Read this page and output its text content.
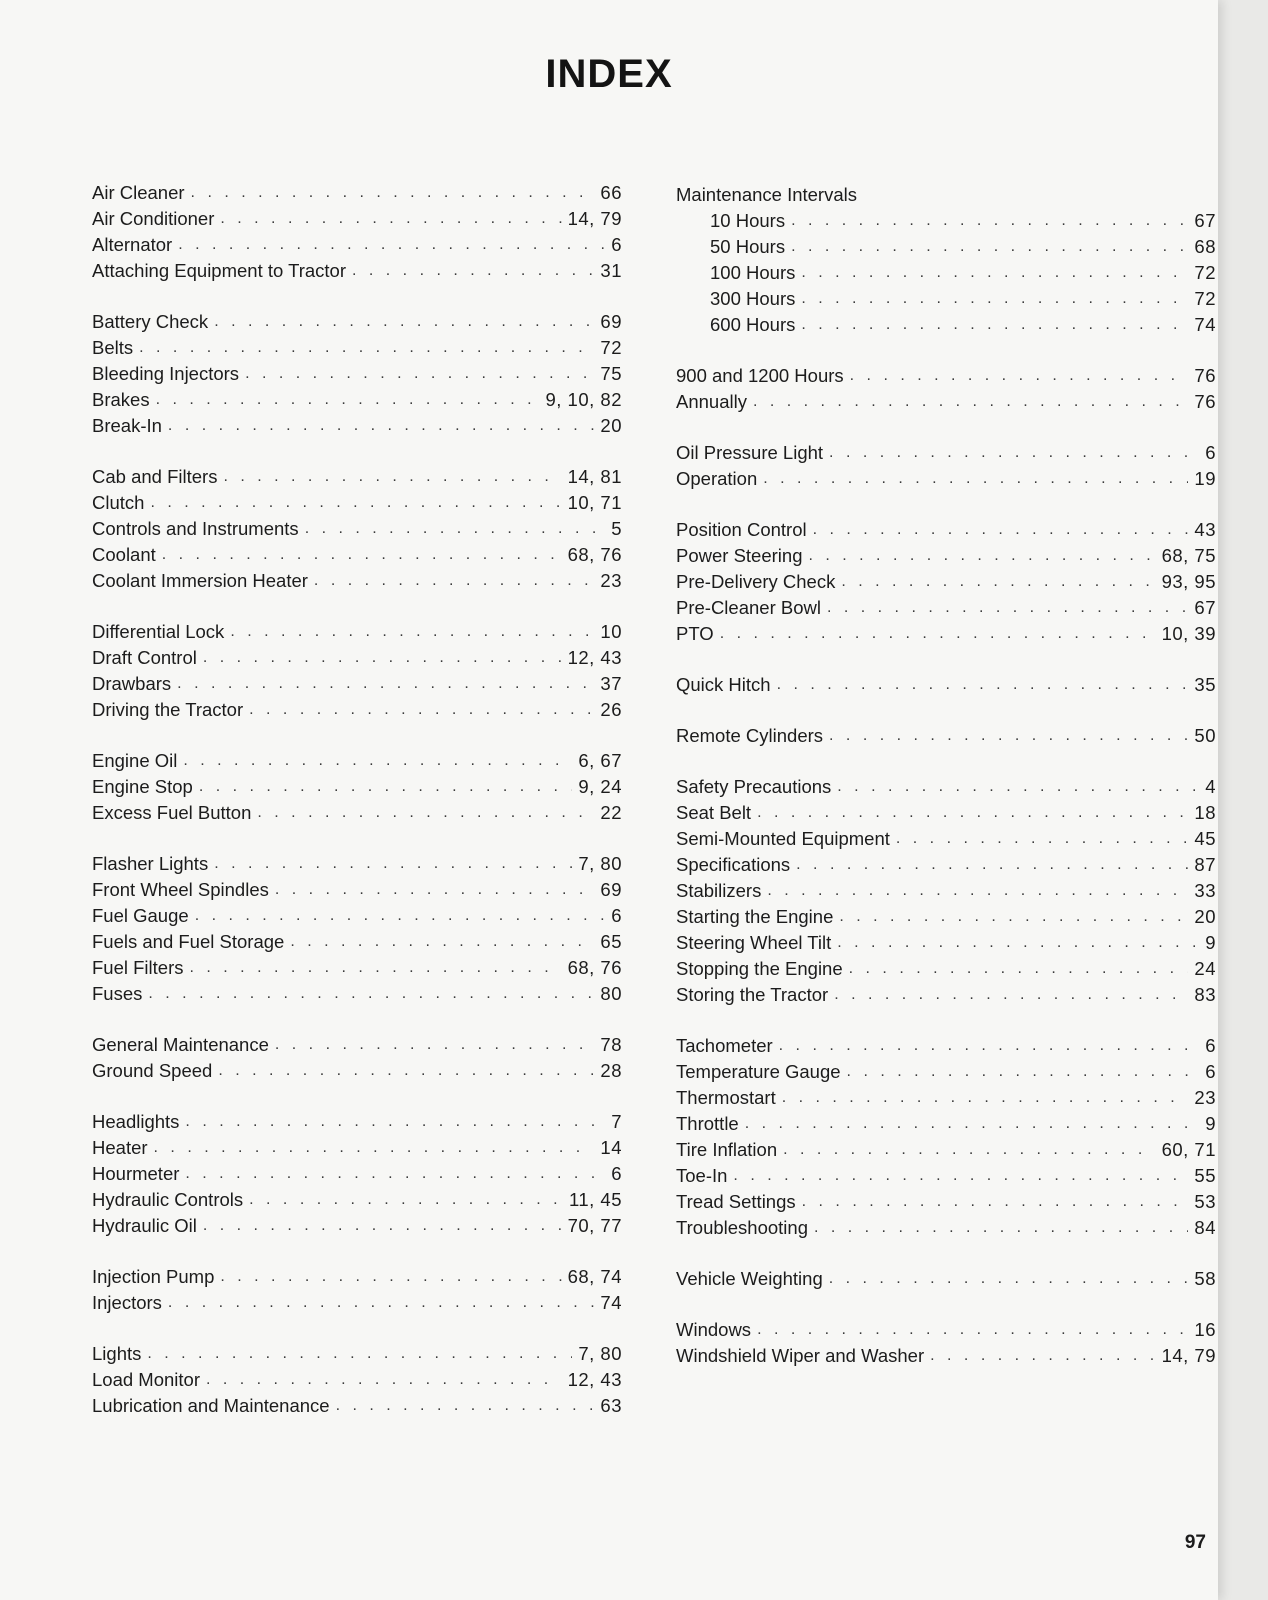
INDEX
Air Cleaner . . .	66
Air Conditioner . . .	14, 79
Alternator . . .	6
Attaching Equipment to Tractor . . .	31
Battery Check . . .	69
Belts . . .	72
Bleeding Injectors . . .	75
Brakes . . .	9, 10, 82
Break-In . . .	20
Cab and Filters . . .	14, 81
Clutch . . .	10, 71
Controls and Instruments . . .	5
Coolant . . .	68, 76
Coolant Immersion Heater . . .	23
Differential Lock . . .	10
Draft Control . . .	12, 43
Drawbars . . .	37
Driving the Tractor . . .	26
Engine Oil . . .	6, 67
Engine Stop . . .	9, 24
Excess Fuel Button . . .	22
Flasher Lights . . .	7, 80
Front Wheel Spindles . . .	69
Fuel Gauge . . .	6
Fuels and Fuel Storage . . .	65
Fuel Filters . . .	68, 76
Fuses . . .	80
General Maintenance . . .	78
Ground Speed . . .	28
Headlights . . .	7
Heater . . .	14
Hourmeter . . .	6
Hydraulic Controls . . .	11, 45
Hydraulic Oil . . .	70, 77
Injection Pump . . .	68, 74
Injectors . . .	74
Lights . . .	7, 80
Load Monitor . . .	12, 43
Lubrication and Maintenance . . .	63
Maintenance Intervals
10 Hours . . .	67
50 Hours . . .	68
100 Hours . . .	72
300 Hours . . .	72
600 Hours . . .	74
900 and 1200 Hours . . .	76
Annually . . .	76
Oil Pressure Light . . .	6
Operation . . .	19
Position Control . . .	43
Power Steering . . .	68, 75
Pre-Delivery Check . . .	93, 95
Pre-Cleaner Bowl . . .	67
PTO . . .	10, 39
Quick Hitch . . .	35
Remote Cylinders . . .	50
Safety Precautions . . .	4
Seat Belt . . .	18
Semi-Mounted Equipment . . .	45
Specifications . . .	87
Stabilizers . . .	33
Starting the Engine . . .	20
Steering Wheel Tilt . . .	9
Stopping the Engine . . .	24
Storing the Tractor . . .	83
Tachometer . . .	6
Temperature Gauge . . .	6
Thermostart . . .	23
Throttle . . .	9
Tire Inflation . . .	60, 71
Toe-In . . .	55
Tread Settings . . .	53
Troubleshooting . . .	84
Vehicle Weighting . . .	58
Windows . . .	16
Windshield Wiper and Washer . . .	14, 79
97
